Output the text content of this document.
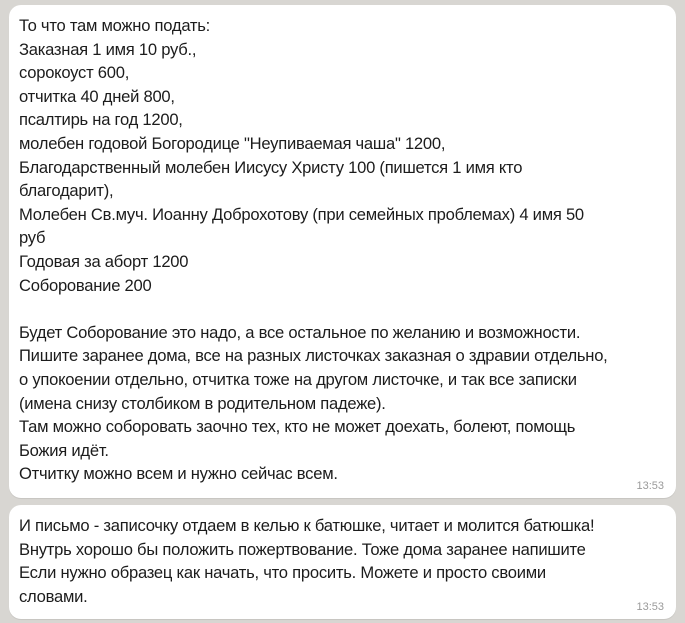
То что там можно подать:
Заказная 1 имя 10 руб.,
сорокоуст 600,
отчитка 40 дней 800,
псалтирь на год 1200,
молебен годовой Богородице "Неупиваемая чаша" 1200,
Благодарственный молебен Иисусу Христу 100 (пишется 1 имя кто
благодарит),
Молебен Св.муч. Иоанну Доброхотову (при семейных проблемах) 4 имя 50
руб
Годовая за аборт 1200
Соборование 200
Будет Соборование это надо, а все остальное по желанию и возможности.
Пишите заранее дома, все на разных листочках заказная о здравии отдельно,
о упокоении отдельно, отчитка тоже на другом листочке, и так все записки
(имена снизу столбиком в родительном падеже).
Там можно соборовать заочно тех, кто не может доехать, болеют, помощь
Божия идёт.
Отчитку можно всем и нужно сейчас всем.
13:53
И письмо - записочку отдаем в келью к батюшке, читает и молится батюшка!
Внутрь хорошо бы положить пожертвование. Тоже дома заранее напишите
Если нужно образец как начать, что просить. Можете и просто своими
словами.
13:53
